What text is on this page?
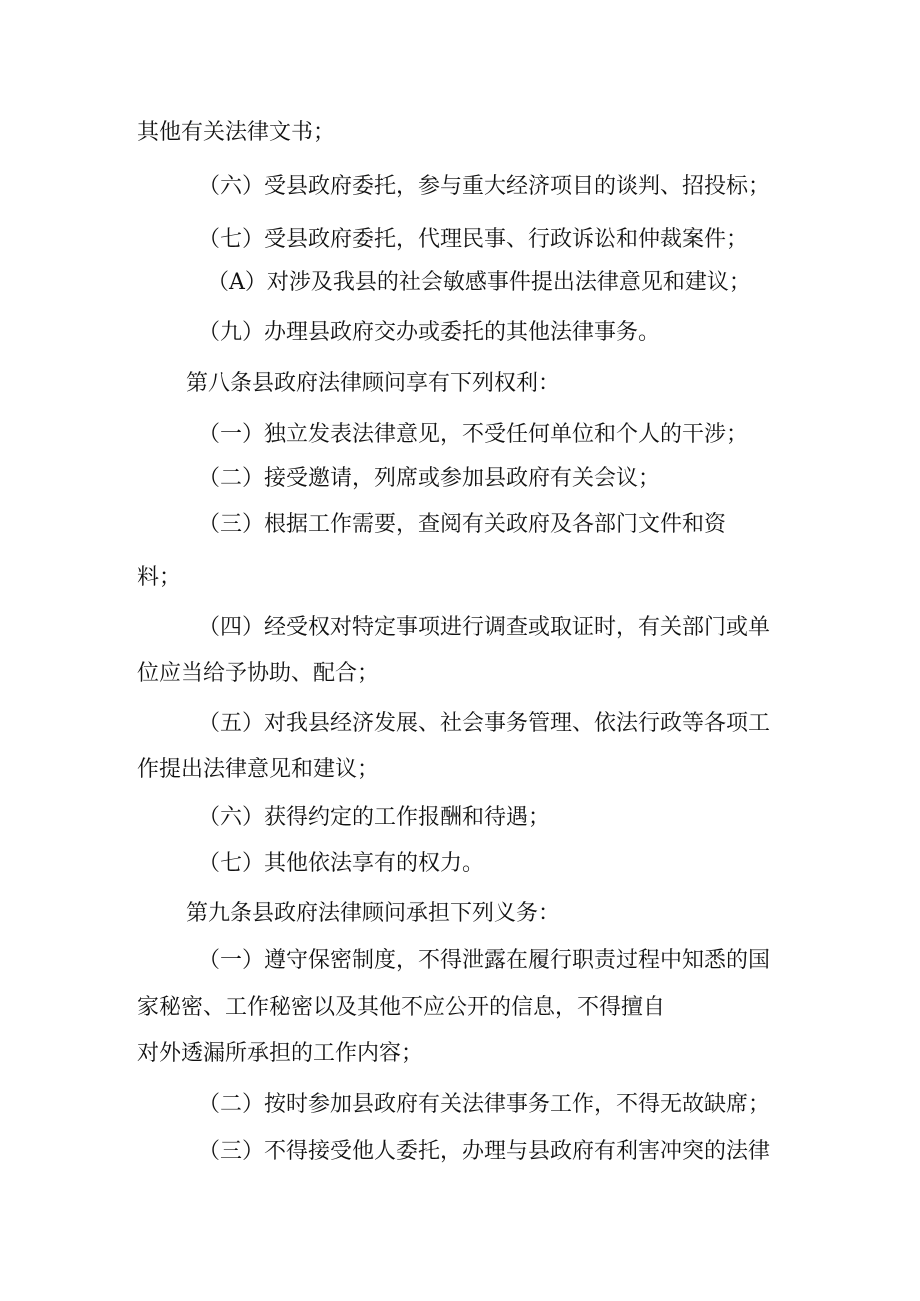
其他有关法律文书；

（六）受县政府委托，参与重大经济项目的谈判、招投标；

（七）受县政府委托，代理民事、行政诉讼和仲裁案件；

（A）对涉及我县的社会敏感事件提出法律意见和建议；

（九）办理县政府交办或委托的其他法律事务。

第八条县政府法律顾问享有下列权利：

（一）独立发表法律意见，不受任何单位和个人的干涉；

（二）接受邀请，列席或参加县政府有关会议；

（三）根据工作需要，查阅有关政府及各部门文件和资

料；

（四）经受权对特定事项进行调查或取证时，有关部门或单

位应当给予协助、配合；

（五）对我县经济发展、社会事务管理、依法行政等各项工

作提出法律意见和建议；

（六）获得约定的工作报酬和待遇；

（七）其他依法享有的权力。

第九条县政府法律顾问承担下列义务：

（一）遵守保密制度，不得泄露在履行职责过程中知悉的国

家秘密、工作秘密以及其他不应公开的信息，不得擅自

对外透漏所承担的工作内容；

（二）按时参加县政府有关法律事务工作，不得无故缺席；

（三）不得接受他人委托，办理与县政府有利害冲突的法律
